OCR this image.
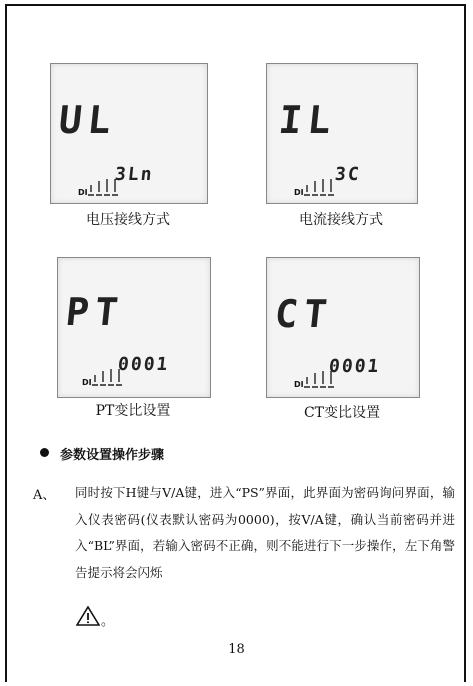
UL
3Ln
DI
电压接线方式
IL
3C
DI
电流接线方式
PT
0001
DI
PT变比设置
CT
0001
DI
CT变比设置
参数设置操作步骤
A、 同时按下H键与V/A键，进入“PS”界面，此界面为密码询问界面，输入仪表密码(仪表默认密码为0000)，按V/A键，确认当前密码并进入“BL”界面，若输入密码不正确，则不能进行下一步操作，左下角警告提示将会闪烁
。
18
